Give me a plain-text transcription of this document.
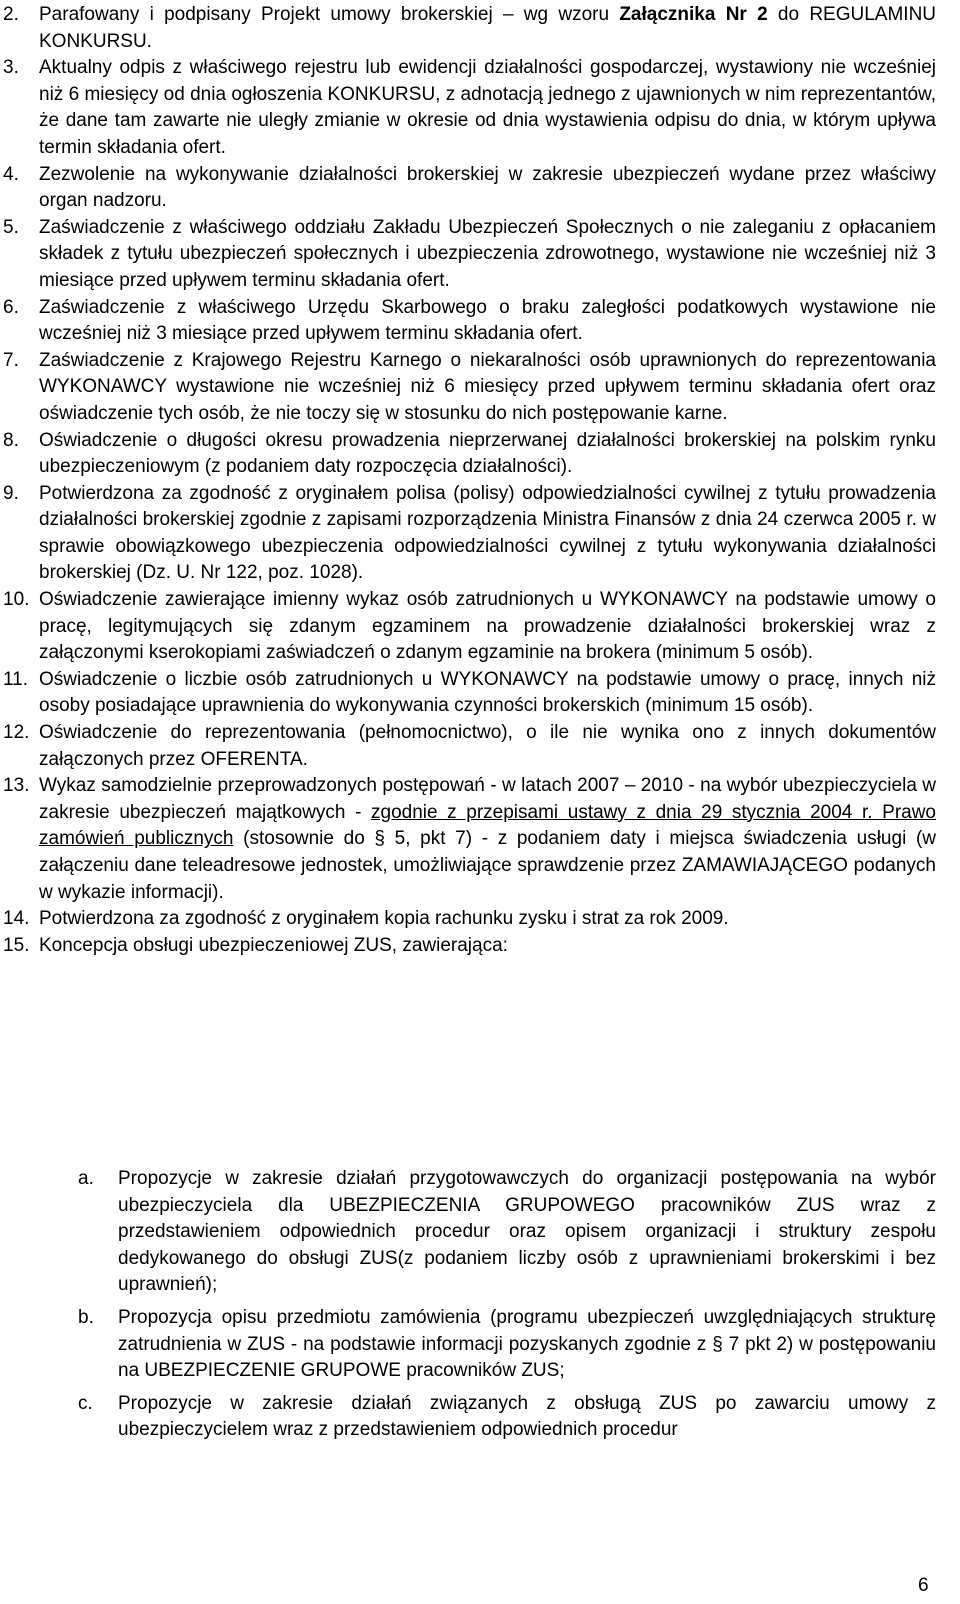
2. Parafowany i podpisany Projekt umowy brokerskiej – wg wzoru Załącznika Nr 2 do REGULAMINU KONKURSU.
3. Aktualny odpis z właściwego rejestru lub ewidencji działalności gospodarczej, wystawiony nie wcześniej niż 6 miesięcy od dnia ogłoszenia KONKURSU, z adnotacją jednego z ujawnionych w nim reprezentantów, że dane tam zawarte nie uległy zmianie w okresie od dnia wystawienia odpisu do dnia, w którym upływa termin składania ofert.
4. Zezwolenie na wykonywanie działalności brokerskiej w zakresie ubezpieczeń wydane przez właściwy organ nadzoru.
5. Zaświadczenie z właściwego oddziału Zakładu Ubezpieczeń Społecznych o nie zaleganiu z opłacaniem składek z tytułu ubezpieczeń społecznych i ubezpieczenia zdrowotnego, wystawione nie wcześniej niż 3 miesiące przed upływem terminu składania ofert.
6. Zaświadczenie z właściwego Urzędu Skarbowego o braku zaległości podatkowych wystawione nie wcześniej niż 3 miesiące przed upływem terminu składania ofert.
7. Zaświadczenie z Krajowego Rejestru Karnego o niekaralności osób uprawnionych do reprezentowania WYKONAWCY wystawione nie wcześniej niż 6 miesięcy przed upływem terminu składania ofert oraz oświadczenie tych osób, że nie toczy się w stosunku do nich postępowanie karne.
8. Oświadczenie o długości okresu prowadzenia nieprzerwanej działalności brokerskiej na polskim rynku ubezpieczeniowym (z podaniem daty rozpoczęcia działalności).
9. Potwierdzona za zgodność z oryginałem polisa (polisy) odpowiedzialności cywilnej z tytułu prowadzenia działalności brokerskiej zgodnie z zapisami rozporządzenia Ministra Finansów z dnia 24 czerwca 2005 r. w sprawie obowiązkowego ubezpieczenia odpowiedzialności cywilnej z tytułu wykonywania działalności brokerskiej (Dz. U. Nr 122, poz. 1028).
10. Oświadczenie zawierające imienny wykaz osób zatrudnionych u WYKONAWCY na podstawie umowy o pracę, legitymujących się zdanym egzaminem na prowadzenie działalności brokerskiej wraz z załączonymi kserokopiami zaświadczeń o zdanym egzaminie na brokera (minimum 5 osób).
11. Oświadczenie o liczbie osób zatrudnionych u WYKONAWCY na podstawie umowy o pracę, innych niż osoby posiadające uprawnienia do wykonywania czynności brokerskich (minimum 15 osób).
12. Oświadczenie do reprezentowania (pełnomocnictwo), o ile nie wynika ono z innych dokumentów załączonych przez OFERENTA.
13. Wykaz samodzielnie przeprowadzonych postępowań - w latach 2007 – 2010 - na wybór ubezpieczyciela w zakresie ubezpieczeń majątkowych - zgodnie z przepisami ustawy z dnia 29 stycznia 2004 r. Prawo zamówień publicznych (stosownie do § 5, pkt 7) - z podaniem daty i miejsca świadczenia usługi (w załączeniu dane teleadresowe jednostek, umożliwiające sprawdzenie przez ZAMAWIAJĄCEGO podanych w wykazie informacji).
14. Potwierdzona za zgodność z oryginałem kopia rachunku zysku i strat za rok 2009.
15. Koncepcja obsługi ubezpieczeniowej ZUS, zawierająca:
a. Propozycje w zakresie działań przygotowawczych do organizacji postępowania na wybór ubezpieczyciela dla UBEZPIECZENIA GRUPOWEGO pracowników ZUS wraz z przedstawieniem odpowiednich procedur oraz opisem organizacji i struktury zespołu dedykowanego do obsługi ZUS(z podaniem liczby osób z uprawnieniami brokerskimi i bez uprawnień);
b. Propozycja opisu przedmiotu zamówienia (programu ubezpieczeń uwzględniających strukturę zatrudnienia w ZUS - na podstawie informacji pozyskanych zgodnie z § 7 pkt 2) w postępowaniu na UBEZPIECZENIE GRUPOWE pracowników ZUS;
c. Propozycje w zakresie działań związanych z obsługą ZUS po zawarciu umowy z ubezpieczycielem wraz z przedstawieniem odpowiednich procedur
6
